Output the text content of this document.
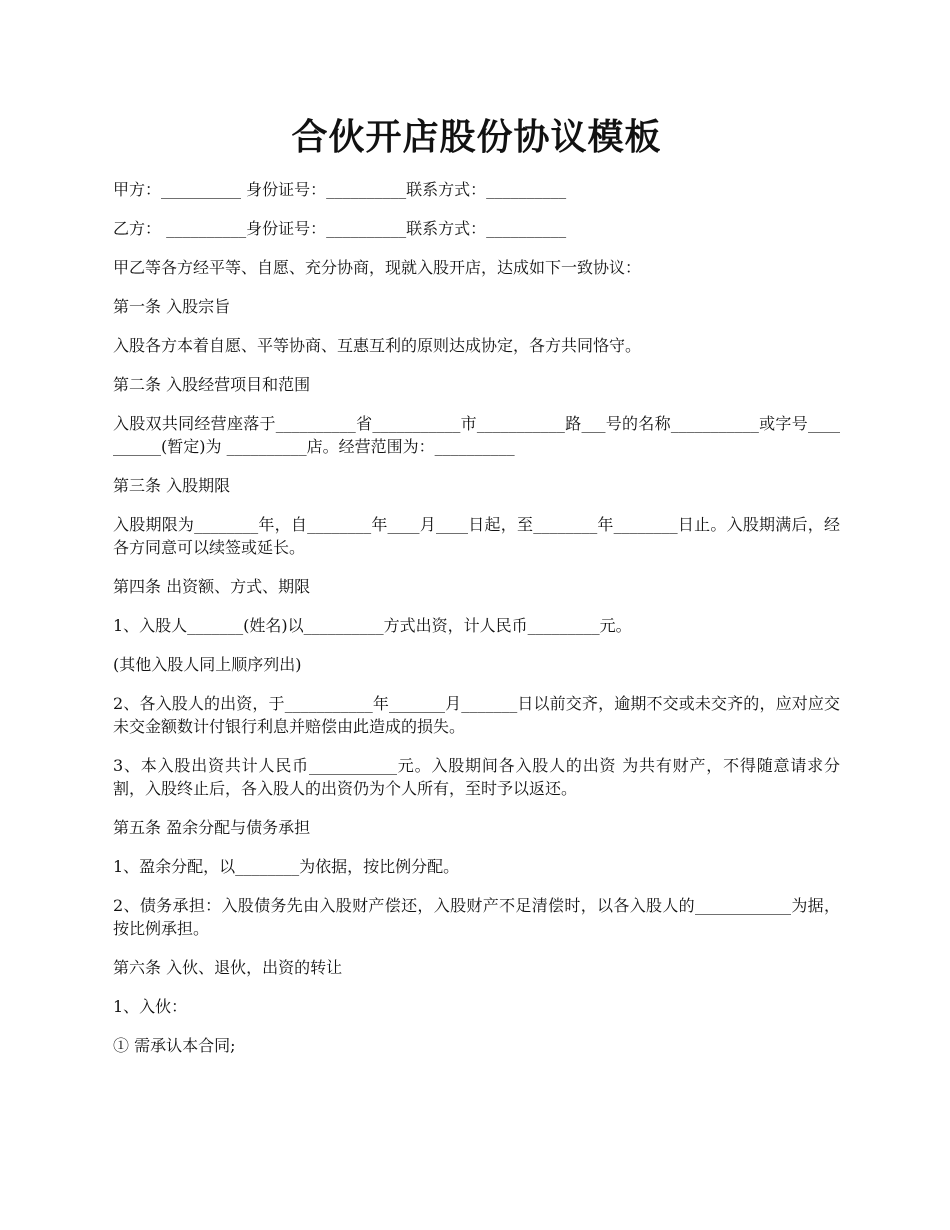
合伙开店股份协议模板

甲方：__________ 身份证号：__________联系方式：__________

乙方： __________身份证号：__________联系方式：__________

甲乙等各方经平等、自愿、充分协商，现就入股开店，达成如下一致协议：

第一条 入股宗旨

入股各方本着自愿、平等协商、互惠互利的原则达成协定，各方共同恪守。

第二条 入股经营项目和范围

入股双共同经营座落于__________省___________市___________路___号的名称___________或字号__________(暂定)为 __________店。经营范围为：__________

第三条 入股期限

入股期限为________年，自________年____月____日起，至________年________日止。入股期满后，经各方同意可以续签或延长。

第四条 出资额、方式、期限

1、入股人_______(姓名)以__________方式出资，计人民币_________元。

(其他入股人同上顺序列出)

2、各入股人的出资，于___________年_______月_______日以前交齐，逾期不交或未交齐的，应对应交未交金额数计付银行利息并赔偿由此造成的损失。

3、本入股出资共计人民币___________元。入股期间各入股人的出资 为共有财产，不得随意请求分割，入股终止后，各入股人的出资仍为个人所有，至时予以返还。

第五条 盈余分配与债务承担

1、盈余分配，以________为依据，按比例分配。

2、债务承担：入股债务先由入股财产偿还，入股财产不足清偿时，以各入股人的____________为据，按比例承担。

第六条 入伙、退伙，出资的转让

1、入伙：

① 需承认本合同;
